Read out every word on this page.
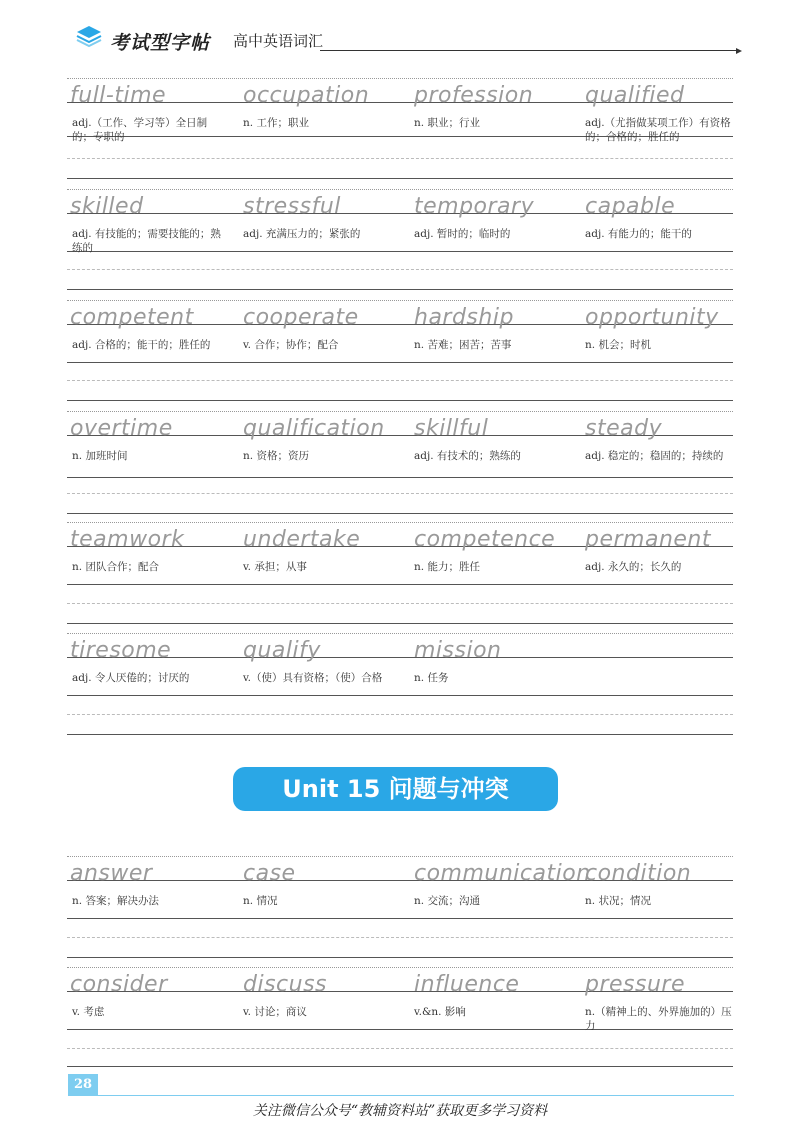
考试型字帖 高中英语词汇
full-time
adj.（工作、学习等）全日制的；专职的
occupation
n. 工作；职业
profession
n. 职业；行业
qualified
adj.（尤指做某项工作）有资格的；合格的；胜任的
skilled
adj. 有技能的；需要技能的；熟练的
stressful
adj. 充满压力的；紧张的
temporary
adj. 暂时的；临时的
capable
adj. 有能力的；能干的
competent
adj. 合格的；能干的；胜任的
cooperate
v. 合作；协作；配合
hardship
n. 苦难；困苦；苦事
opportunity
n. 机会；时机
overtime
n. 加班时间
qualification
n. 资格；资历
skillful
adj. 有技术的；熟练的
steady
adj. 稳定的；稳固的；持续的
teamwork
n. 团队合作；配合
undertake
v. 承担；从事
competence
n. 能力；胜任
permanent
adj. 永久的；长久的
tiresome
adj. 令人厌倦的；讨厌的
qualify
v.（使）具有资格；（使）合格
mission
n. 任务
Unit 15 问题与冲突
answer
n. 答案；解决办法
case
n. 情况
communication
n. 交流；沟通
condition
n. 状况；情况
consider
v. 考虑
discuss
v. 讨论；商议
influence
v.&n. 影响
pressure
n.（精神上的、外界施加的）压力
28
关注微信公众号“教辅资料站”获取更多学习资料
